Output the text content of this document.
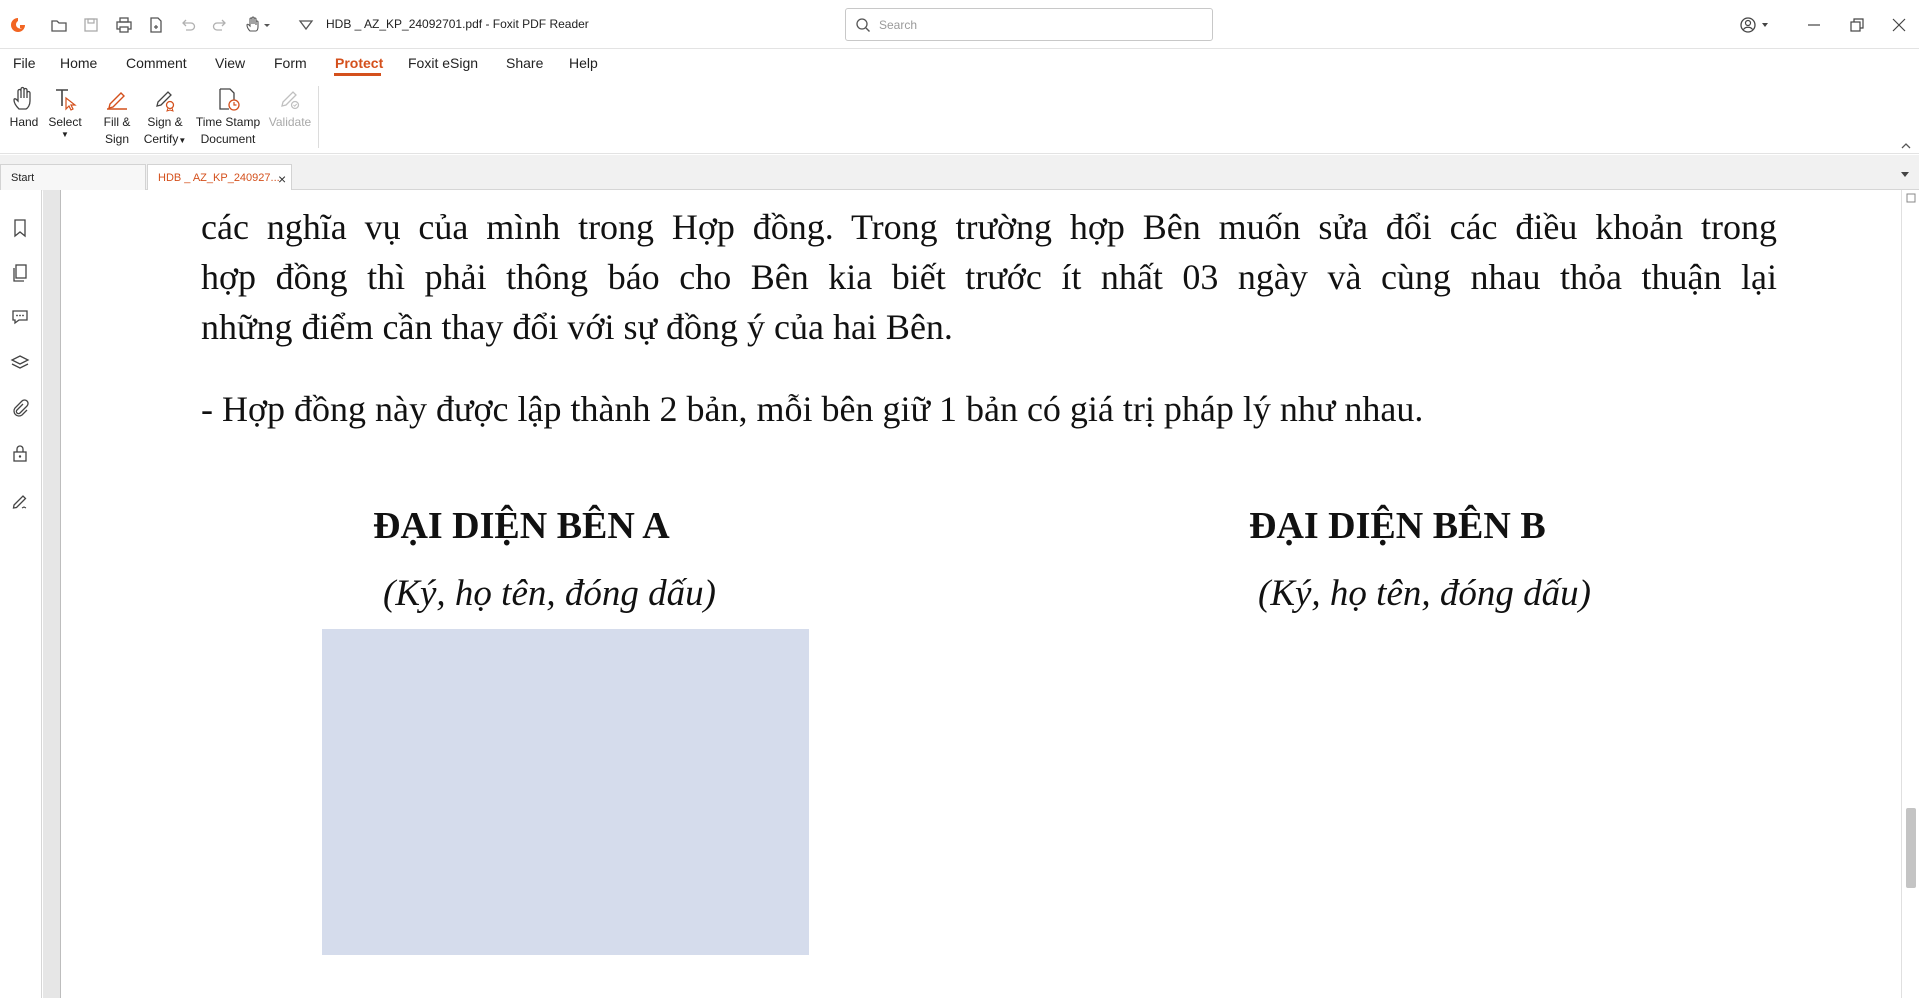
HDB _ AZ_KP_24092701.pdf - Foxit PDF Reader
Search
File Home Comment View Form Protect Foxit eSign Share Help
Hand Select
▼
Fill &
Sign
Sign &
Certify▼
Time Stamp
Document
Validate
Start	HDB _ AZ_KP_240927...
×
các nghĩa vụ của mình trong Hợp đồng. Trong trường hợp Bên muốn sửa đổi các điều khoản trong
hợp đồng thì phải thông báo cho Bên kia biết trước ít nhất 03 ngày và cùng nhau thỏa thuận lại
những điểm cần thay đổi với sự đồng ý của hai Bên.
- Hợp đồng này được lập thành 2 bản, mỗi bên giữ 1 bản có giá trị pháp lý như nhau.
ĐẠI DIỆN BÊN A
(Ký, họ tên, đóng dấu)
ĐẠI DIỆN BÊN B
(Ký, họ tên, đóng dấu)
